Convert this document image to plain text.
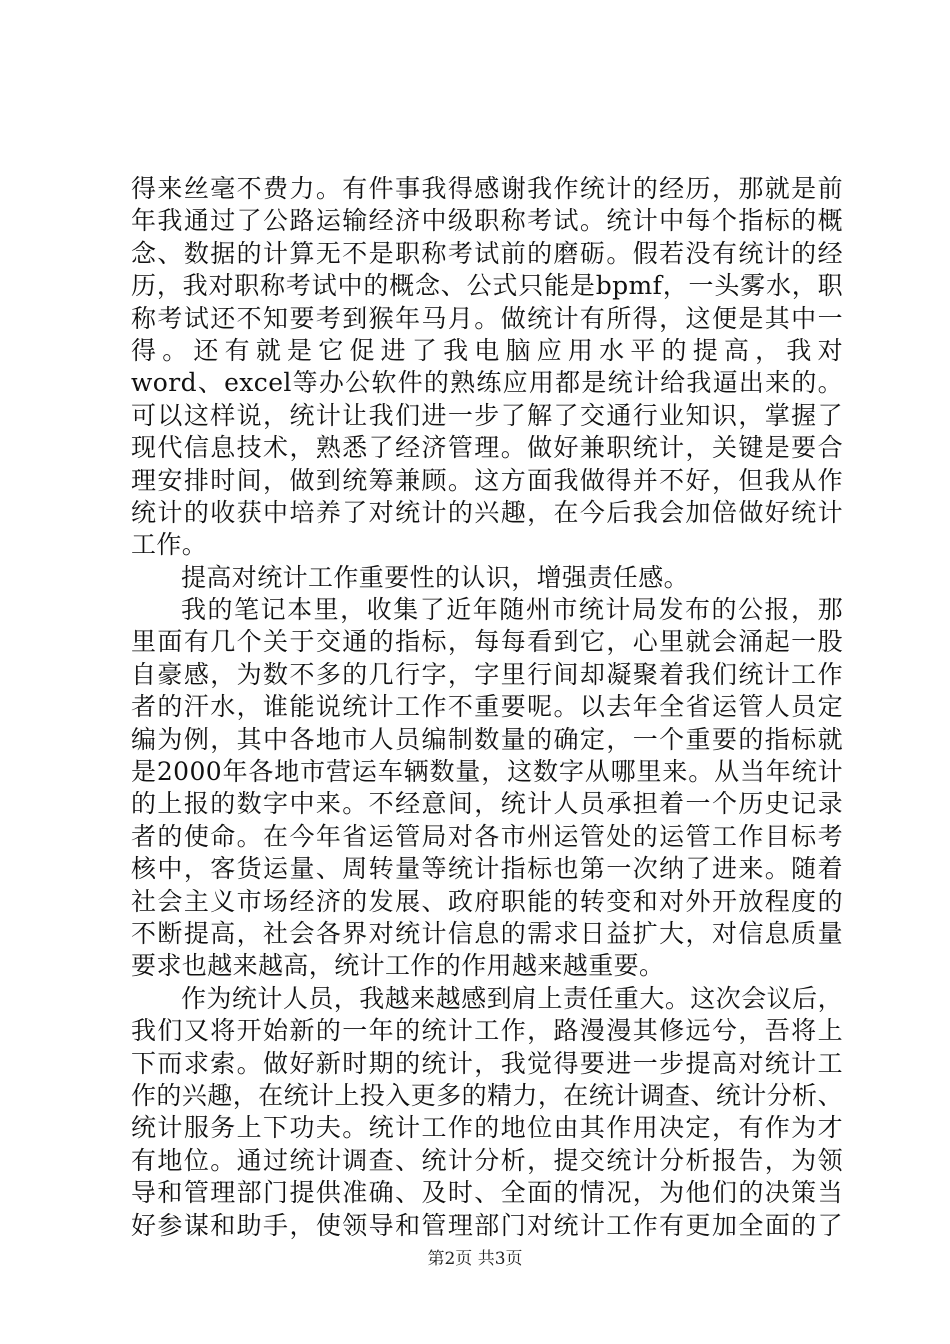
得来丝毫不费力。有件事我得感谢我作统计的经历，那就是前
年我通过了公路运输经济中级职称考试。统计中每个指标的概
念、数据的计算无不是职称考试前的磨砺。假若没有统计的经
历，我对职称考试中的概念、公式只能是bpmf，一头雾水，职
称考试还不知要考到猴年马月。做统计有所得，这便是其中一
得。还有就是它促进了我电脑应用水平的提高，我对
word、excel等办公软件的熟练应用都是统计给我逼出来的。
可以这样说，统计让我们进一步了解了交通行业知识，掌握了
现代信息技术，熟悉了经济管理。做好兼职统计，关键是要合
理安排时间，做到统筹兼顾。这方面我做得并不好，但我从作
统计的收获中培养了对统计的兴趣，在今后我会加倍做好统计
工作。
提高对统计工作重要性的认识，增强责任感。
我的笔记本里，收集了近年随州市统计局发布的公报，那
里面有几个关于交通的指标，每每看到它，心里就会涌起一股
自豪感，为数不多的几行字，字里行间却凝聚着我们统计工作
者的汗水，谁能说统计工作不重要呢。以去年全省运管人员定
编为例，其中各地市人员编制数量的确定，一个重要的指标就
是2000年各地市营运车辆数量，这数字从哪里来。从当年统计
的上报的数字中来。不经意间，统计人员承担着一个历史记录
者的使命。在今年省运管局对各市州运管处的运管工作目标考
核中，客货运量、周转量等统计指标也第一次纳了进来。随着
社会主义市场经济的发展、政府职能的转变和对外开放程度的
不断提高，社会各界对统计信息的需求日益扩大，对信息质量
要求也越来越高，统计工作的作用越来越重要。
作为统计人员，我越来越感到肩上责任重大。这次会议后，
我们又将开始新的一年的统计工作，路漫漫其修远兮，吾将上
下而求索。做好新时期的统计，我觉得要进一步提高对统计工
作的兴趣，在统计上投入更多的精力，在统计调查、统计分析、
统计服务上下功夫。统计工作的地位由其作用决定，有作为才
有地位。通过统计调查、统计分析，提交统计分析报告，为领
导和管理部门提供准确、及时、全面的情况，为他们的决策当
好参谋和助手，使领导和管理部门对统计工作有更加全面的了
第2页 共3页
